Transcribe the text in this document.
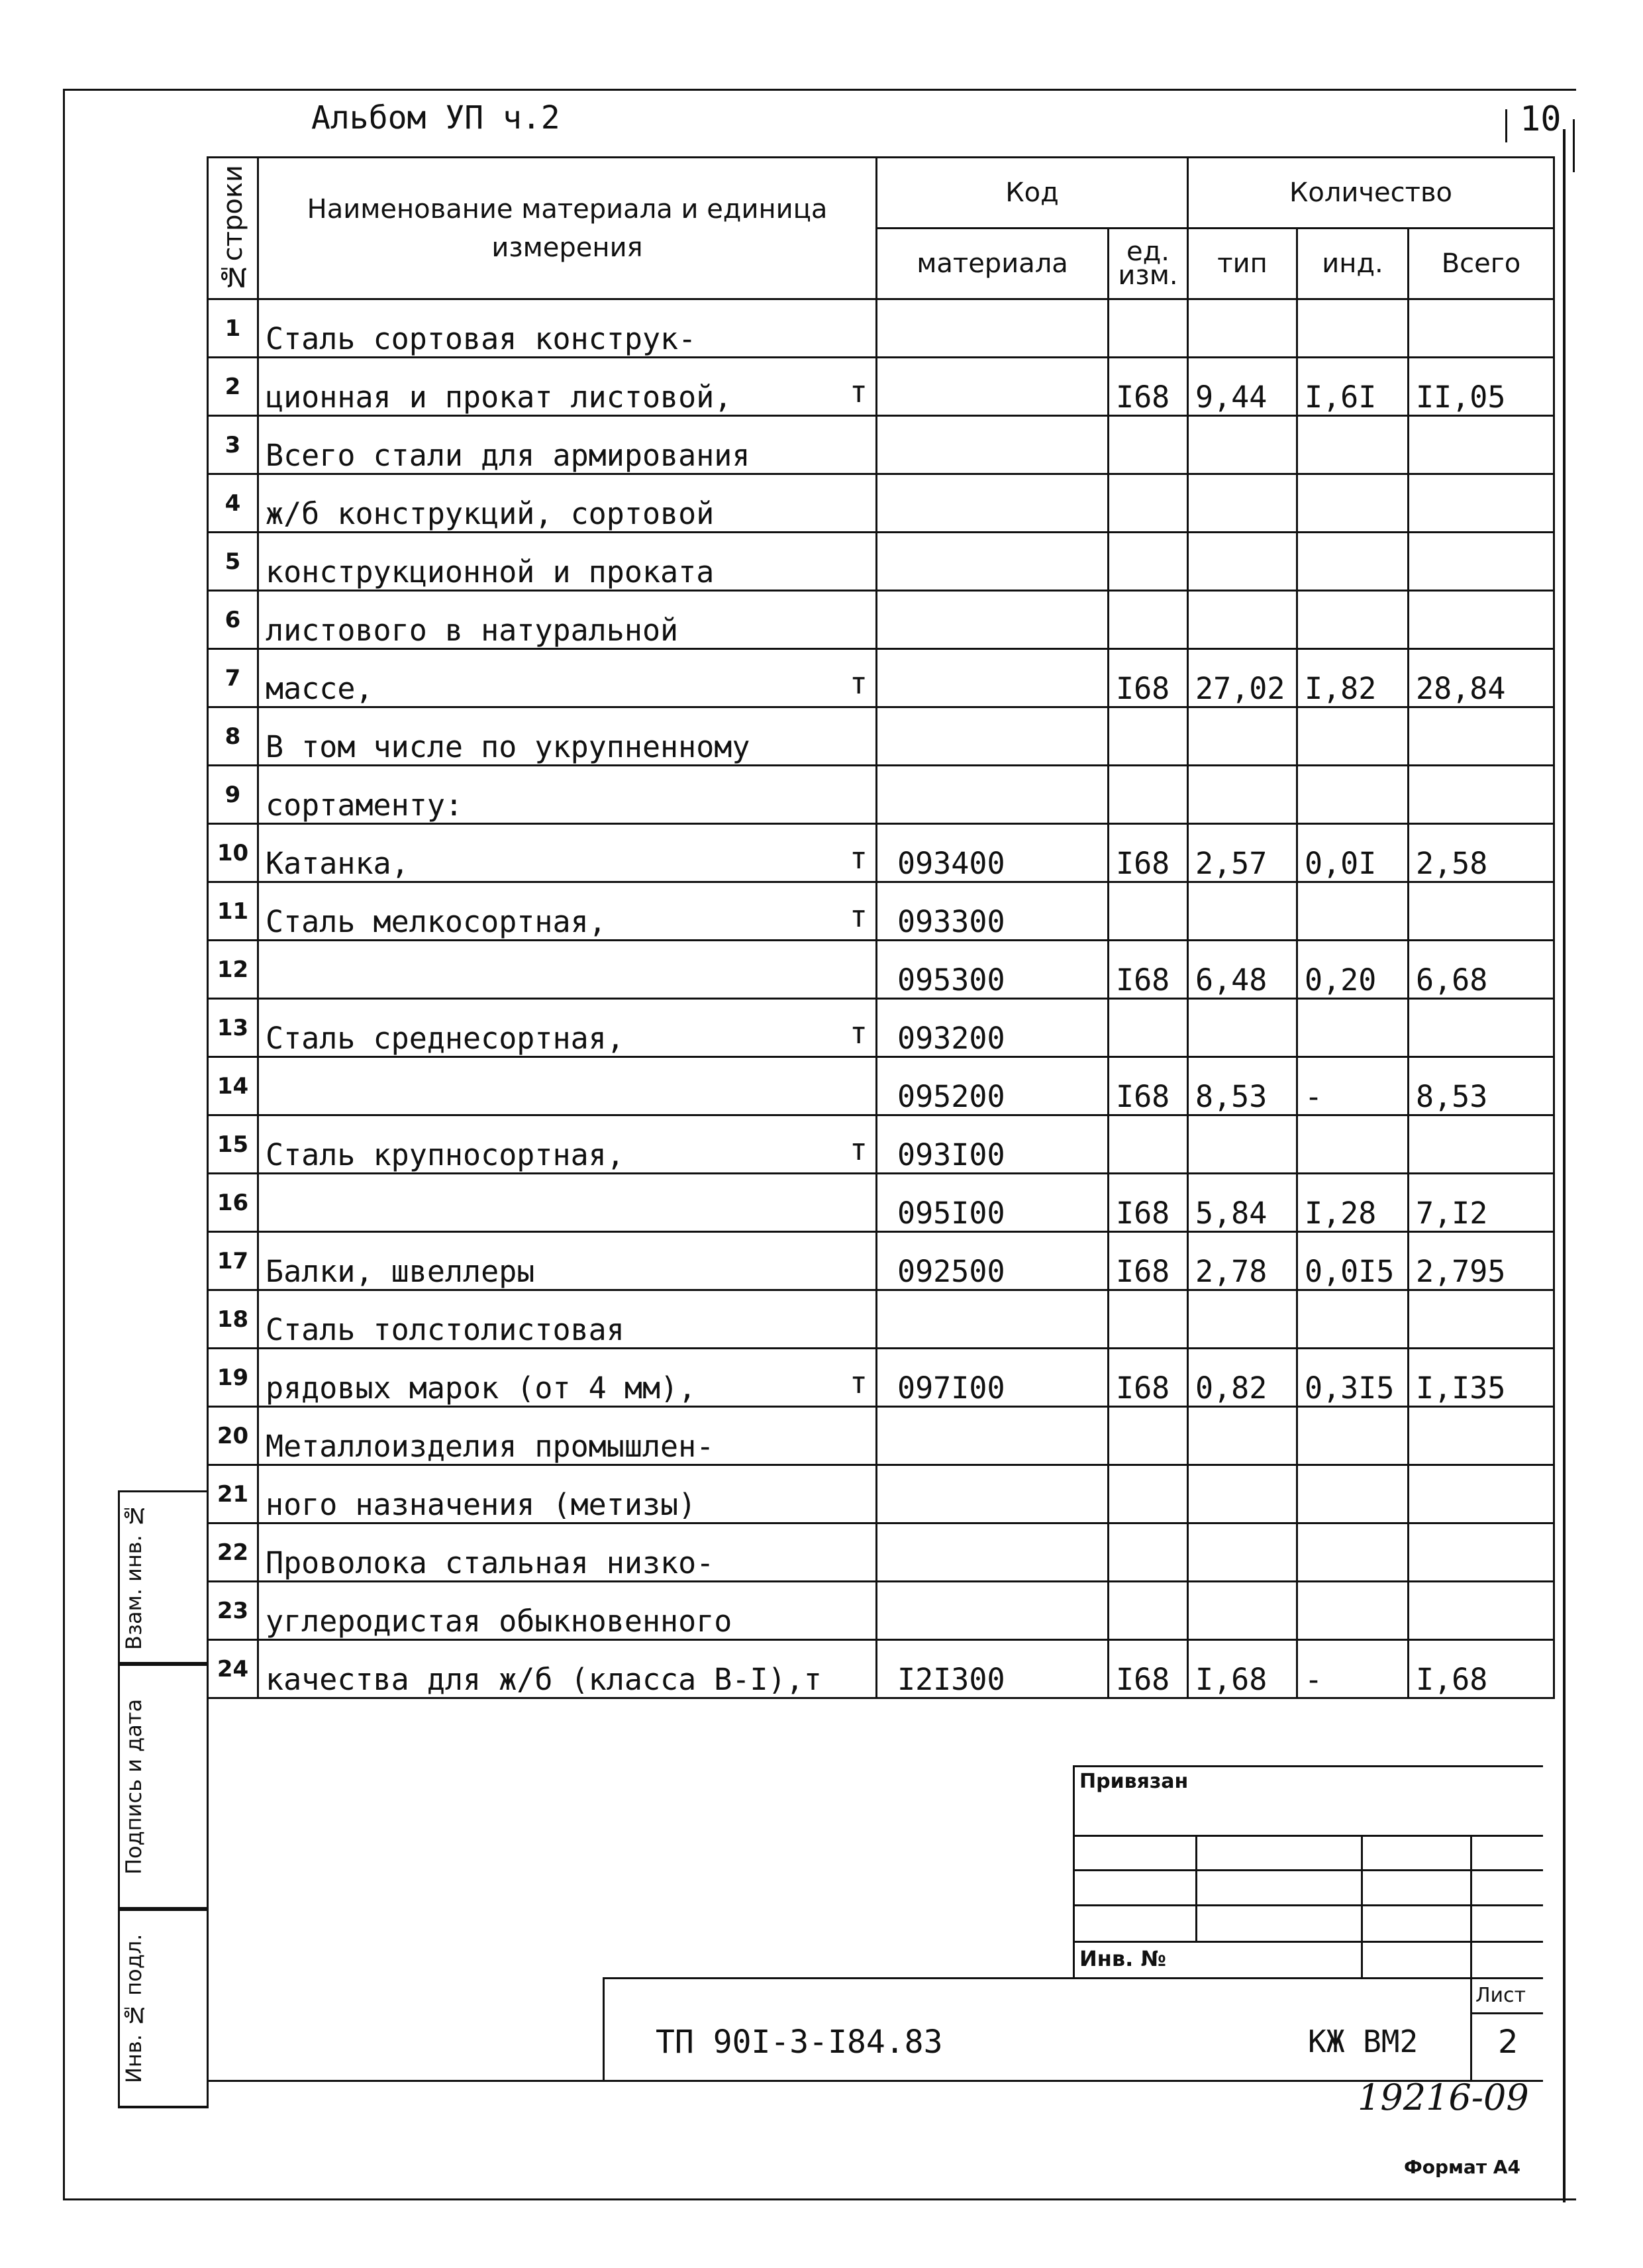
Альбом УП ч.2	10
№строки	Наименование материала и единица измерения	Код		Количество		
		материала	ед. изм.	тип	инд.	Всего
1	Сталь сортовая конструк-

2	ционная и прокат листовой, т		I68	9,44	I,6I	II,05
3	Всего стали для армирования

4	ж/б конструкций, сортовой

5	конструкционной и проката

6	листового в натуральной

7	массе, т		I68	27,02	I,82	28,84
8	В том числе по укрупненному

9	сортаменту:

10	Катанка, т	093400	I68	2,57	0,0I	2,58
11	Сталь мелкосортная, т	093300				
12		095300	I68	6,48	0,20	6,68
13	Сталь среднесортная, т	093200				
14		095200	I68	8,53	-	8,53
15	Сталь крупносортная, т	093I00				
16		095I00	I68	5,84	I,28	7,I2
17	Балки, швеллеры	092500	I68	2,78	0,0I5	2,795
18	Сталь толстолистовая

19	рядовых марок (от 4 мм), т	097I00	I68	0,82	0,3I5	I,I35
20	Металлоизделия промышлен-

21	ного назначения (метизы)

22	Проволока стальная низко-

23	углеродистая обыкновенного

24	качества для ж/б (класса В-I),т	I2I300	I68	I,68	-	I,68
Взам. инв. №
Подпись и дата
Инв. № подл.
Привязан
Инв. №
ТП 90I-3-I84.83	КЖ ВМ2
Лист
2
19216-09
Формат А4
